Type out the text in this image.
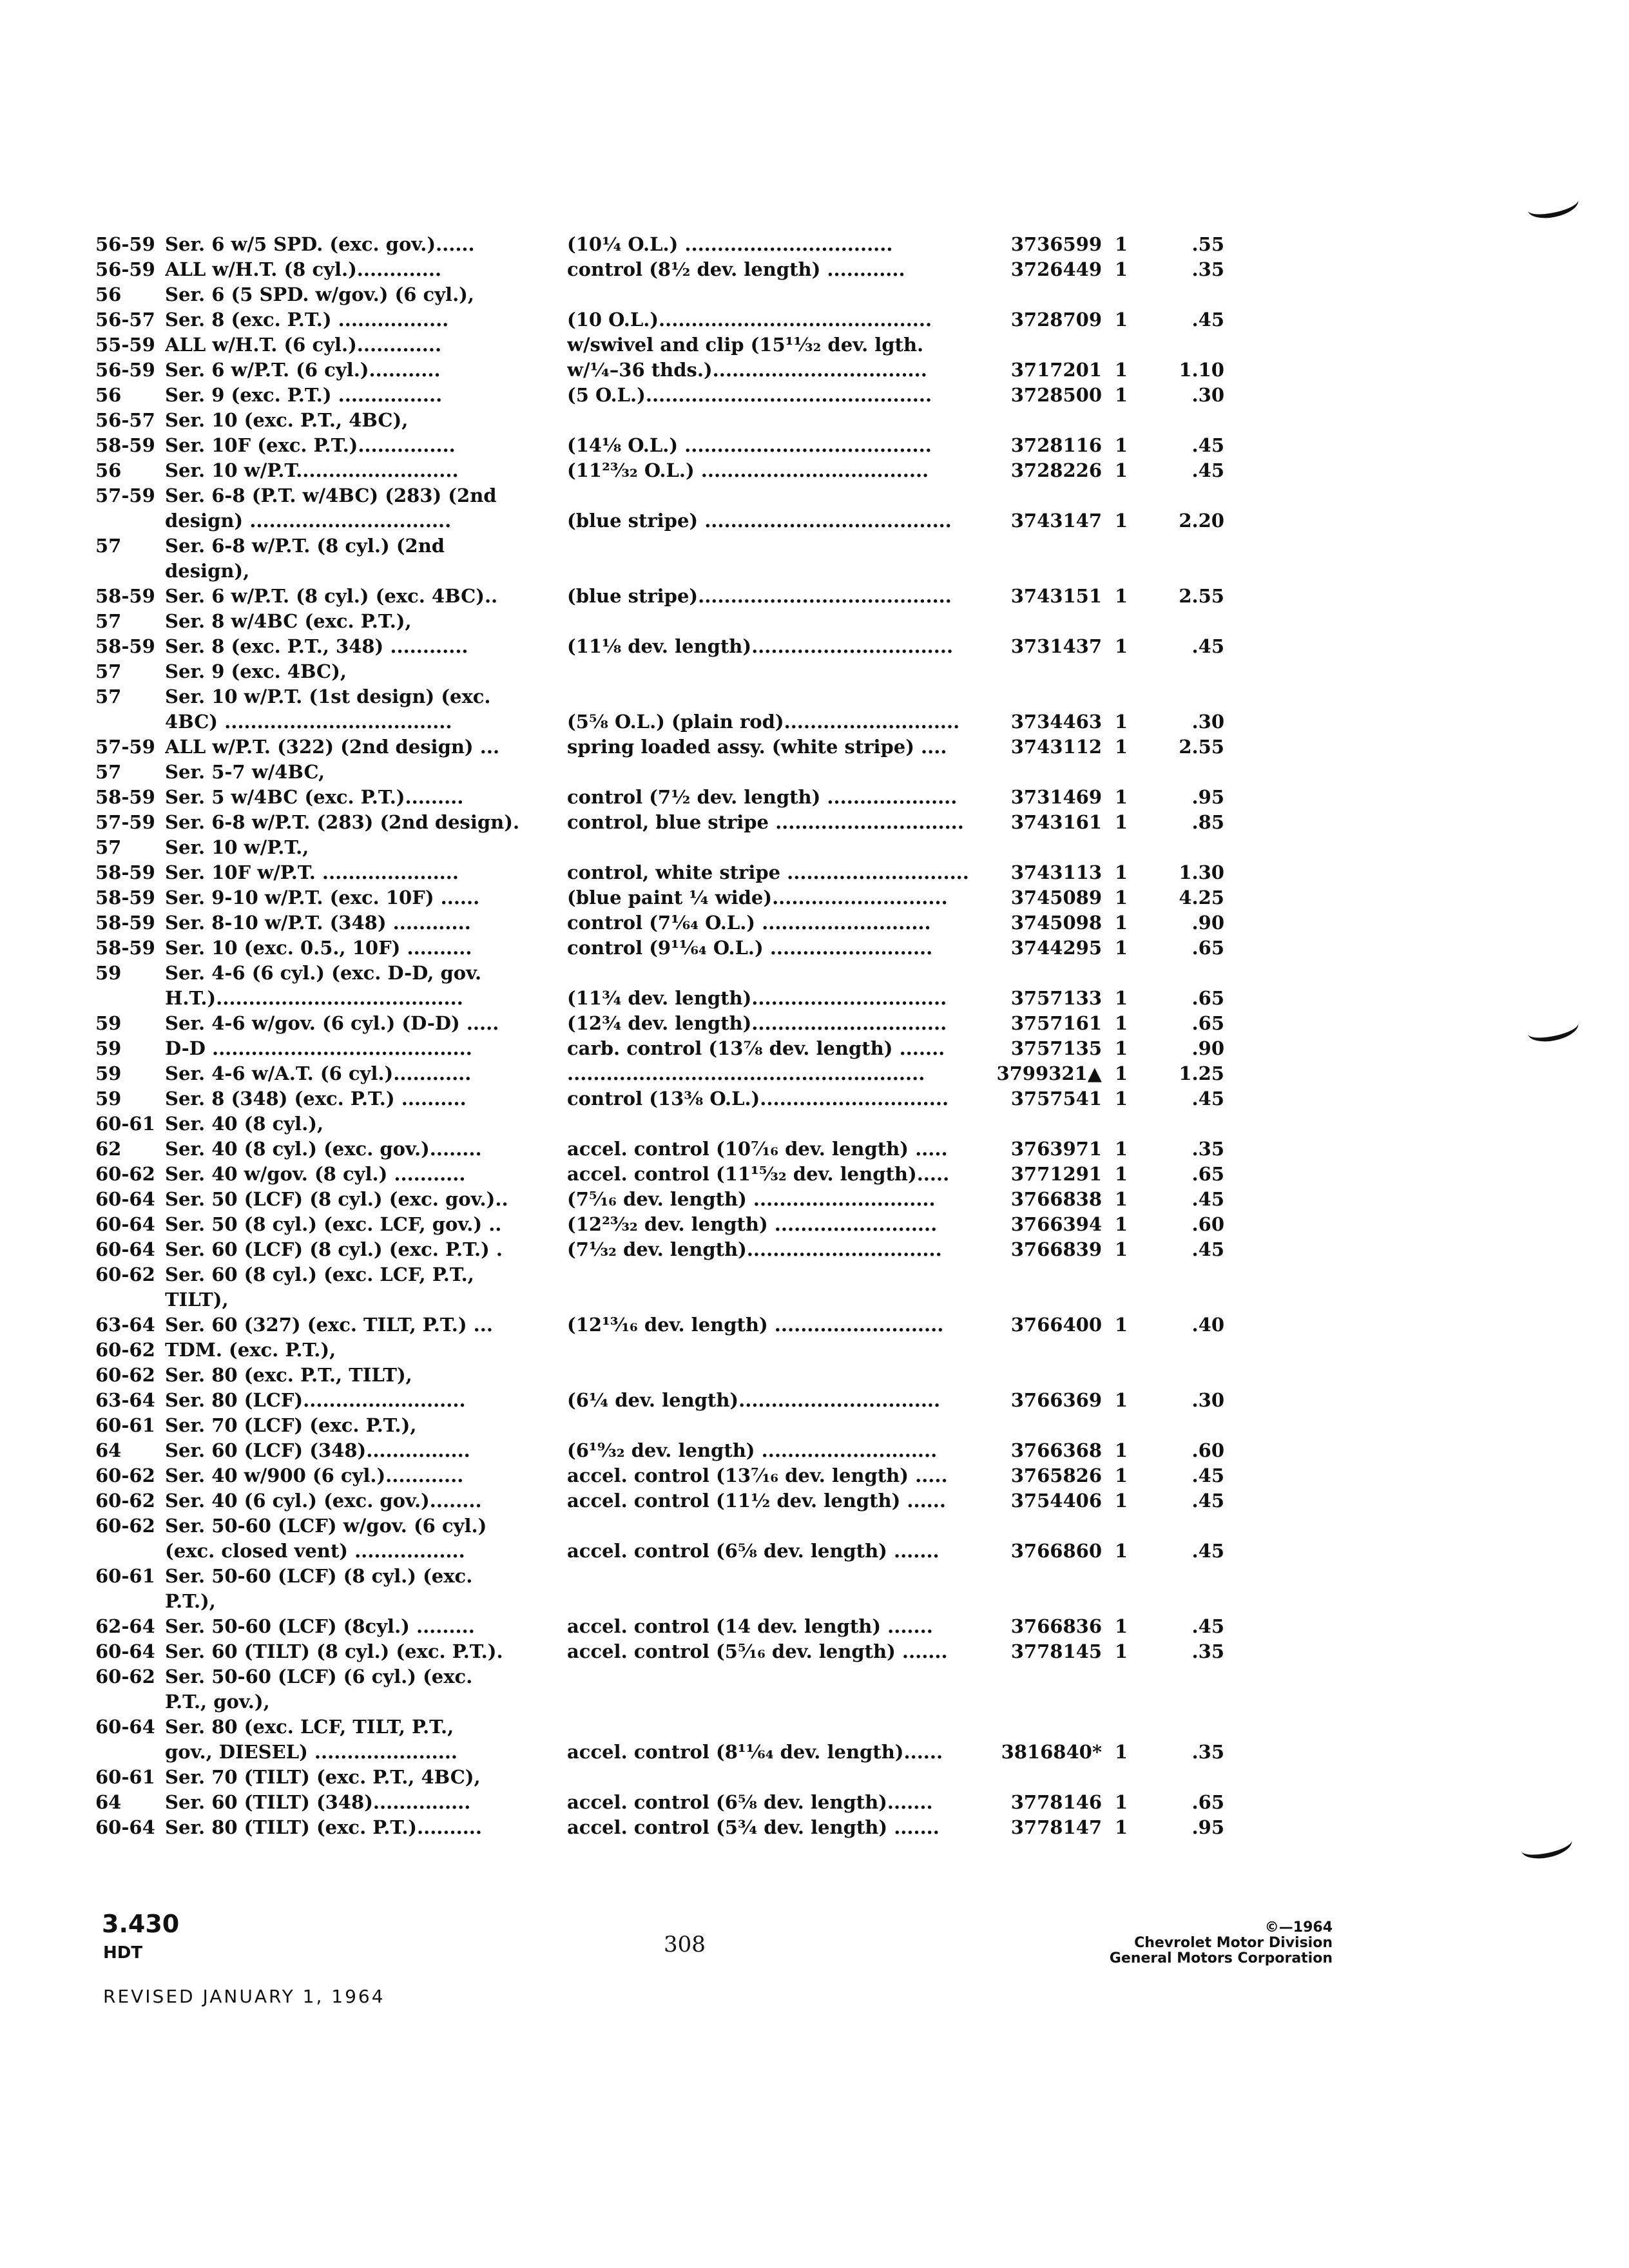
56-59 Ser. 6 w/5 SPD. (exc. gov.)......	(10¼ O.L.) ................................	3736599 1	.55
56-59 ALL w/H.T. (8 cyl.).............	control (8½ dev. length) ............	3726449 1	.35
56	Ser. 6 (5 SPD. w/gov.) (6 cyl.),
56-57 Ser. 8 (exc. P.T.) .................	(10 O.L.)..........................................	3728709 1	.45
55-59 ALL w/H.T. (6 cyl.).............	w/swivel and clip (15¹¹⁄₃₂ dev. lgth.
56-59 Ser. 6 w/P.T. (6 cyl.)...........	w/¼–36 thds.).................................	3717201 1	1.10
56	Ser. 9 (exc. P.T.) ................	(5 O.L.)............................................	3728500 1	.30
56-57 Ser. 10 (exc. P.T., 4BC),
58-59 Ser. 10F (exc. P.T.)...............	(14⅛ O.L.) ......................................	3728116 1	.45
56	Ser. 10 w/P.T.........................	(11²³⁄₃₂ O.L.) ...................................	3728226 1	.45
57-59 Ser. 6-8 (P.T. w/4BC) (283) (2nd
design) ...............................	(blue stripe) ......................................	3743147 1	2.20
57	Ser. 6-8 w/P.T. (8 cyl.) (2nd
design),
58-59 Ser. 6 w/P.T. (8 cyl.) (exc. 4BC)..	(blue stripe).......................................	3743151 1	2.55
57	Ser. 8 w/4BC (exc. P.T.),
58-59 Ser. 8 (exc. P.T., 348) ............	(11⅛ dev. length)...............................	3731437 1	.45
57	Ser. 9 (exc. 4BC),
57	Ser. 10 w/P.T. (1st design) (exc.
4BC) ...................................	(5⅝ O.L.) (plain rod)...........................	3734463 1	.30
57-59 ALL w/P.T. (322) (2nd design) ...	spring loaded assy. (white stripe) ....	3743112 1	2.55
57	Ser. 5-7 w/4BC,
58-59 Ser. 5 w/4BC (exc. P.T.).........	control (7½ dev. length) ....................	3731469 1	.95
57-59 Ser. 6-8 w/P.T. (283) (2nd design).	control, blue stripe .............................	3743161 1	.85
57	Ser. 10 w/P.T.,
58-59 Ser. 10F w/P.T. .....................	control, white stripe ............................	3743113 1	1.30
58-59 Ser. 9-10 w/P.T. (exc. 10F) ......	(blue paint ¼ wide)...........................	3745089 1	4.25
58-59 Ser. 8-10 w/P.T. (348) ............	control (7¹⁄₆₄ O.L.) ..........................	3745098 1	.90
58-59 Ser. 10 (exc. 0.5., 10F) ..........	control (9¹¹⁄₆₄ O.L.) .........................	3744295 1	.65
59	Ser. 4-6 (6 cyl.) (exc. D-D, gov.
H.T.)......................................	(11¾ dev. length)..............................	3757133 1	.65
59	Ser. 4-6 w/gov. (6 cyl.) (D-D) .....	(12¾ dev. length)..............................	3757161 1	.65
59	D-D ........................................	carb. control (13⅞ dev. length) .......	3757135 1	.90
59	Ser. 4-6 w/A.T. (6 cyl.)............	.......................................................	3799321▲ 1	1.25
59	Ser. 8 (348) (exc. P.T.) ..........	control (13⅜ O.L.).............................	3757541 1	.45
60-61 Ser. 40 (8 cyl.),
62	Ser. 40 (8 cyl.) (exc. gov.)........	accel. control (10⁷⁄₁₆ dev. length) .....	3763971 1	.35
60-62 Ser. 40 w/gov. (8 cyl.) ...........	accel. control (11¹⁵⁄₃₂ dev. length).....	3771291 1	.65
60-64 Ser. 50 (LCF) (8 cyl.) (exc. gov.)..	(7⁵⁄₁₆ dev. length) ............................	3766838 1	.45
60-64 Ser. 50 (8 cyl.) (exc. LCF, gov.) ..	(12²³⁄₃₂ dev. length) .........................	3766394 1	.60
60-64 Ser. 60 (LCF) (8 cyl.) (exc. P.T.) .	(7¹⁄₃₂ dev. length)..............................	3766839 1	.45
60-62 Ser. 60 (8 cyl.) (exc. LCF, P.T.,
TILT),
63-64 Ser. 60 (327) (exc. TILT, P.T.) ...	(12¹³⁄₁₆ dev. length) ..........................	3766400 1	.40
60-62 TDM. (exc. P.T.),
60-62 Ser. 80 (exc. P.T., TILT),
63-64 Ser. 80 (LCF).........................	(6¼ dev. length)...............................	3766369 1	.30
60-61 Ser. 70 (LCF) (exc. P.T.),
64	Ser. 60 (LCF) (348)................	(6¹⁹⁄₃₂ dev. length) ...........................	3766368 1	.60
60-62 Ser. 40 w/900 (6 cyl.)............	accel. control (13⁷⁄₁₆ dev. length) .....	3765826 1	.45
60-62 Ser. 40 (6 cyl.) (exc. gov.)........	accel. control (11½ dev. length) ......	3754406 1	.45
60-62 Ser. 50-60 (LCF) w/gov. (6 cyl.)
(exc. closed vent) .................	accel. control (6⅝ dev. length) .......	3766860 1	.45
60-61 Ser. 50-60 (LCF) (8 cyl.) (exc.
P.T.),
62-64 Ser. 50-60 (LCF) (8cyl.) .........	accel. control (14 dev. length) .......	3766836 1	.45
60-64 Ser. 60 (TILT) (8 cyl.) (exc. P.T.).	accel. control (5⁵⁄₁₆ dev. length) .......	3778145 1	.35
60-62 Ser. 50-60 (LCF) (6 cyl.) (exc.
P.T., gov.),
60-64 Ser. 80 (exc. LCF, TILT, P.T.,
gov., DIESEL) ......................	accel. control (8¹¹⁄₆₄ dev. length)......	3816840* 1	.35
60-61 Ser. 70 (TILT) (exc. P.T., 4BC),
64	Ser. 60 (TILT) (348)...............	accel. control (6⅝ dev. length).......	3778146 1	.65
60-64 Ser. 80 (TILT) (exc. P.T.)..........	accel. control (5¾ dev. length) .......	3778147 1	.95
3.430
HDT
REVISED JANUARY 1, 1964
308
©—1964
Chevrolet Motor Division
General Motors Corporation
